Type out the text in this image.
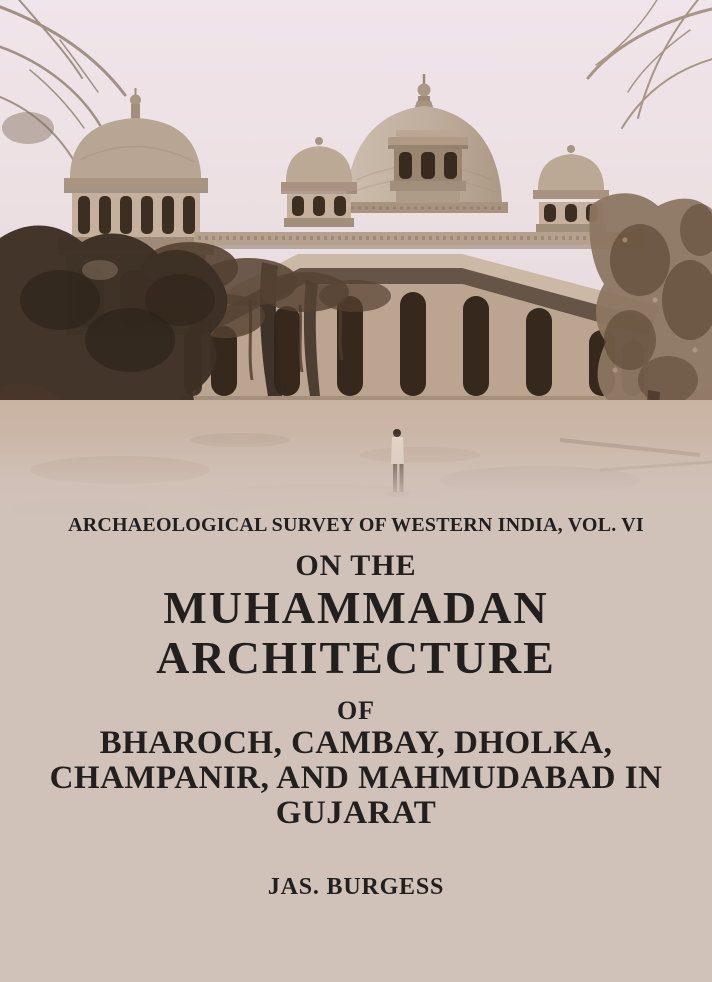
ARCHAEOLOGICAL SURVEY OF WESTERN INDIA, VOL. VI
ON THE
MUHAMMADAN
ARCHITECTURE
OF
BHAROCH, CAMBAY, DHOLKA,
CHAMPANIR, AND MAHMUDABAD IN
GUJARAT
JAS. BURGESS
